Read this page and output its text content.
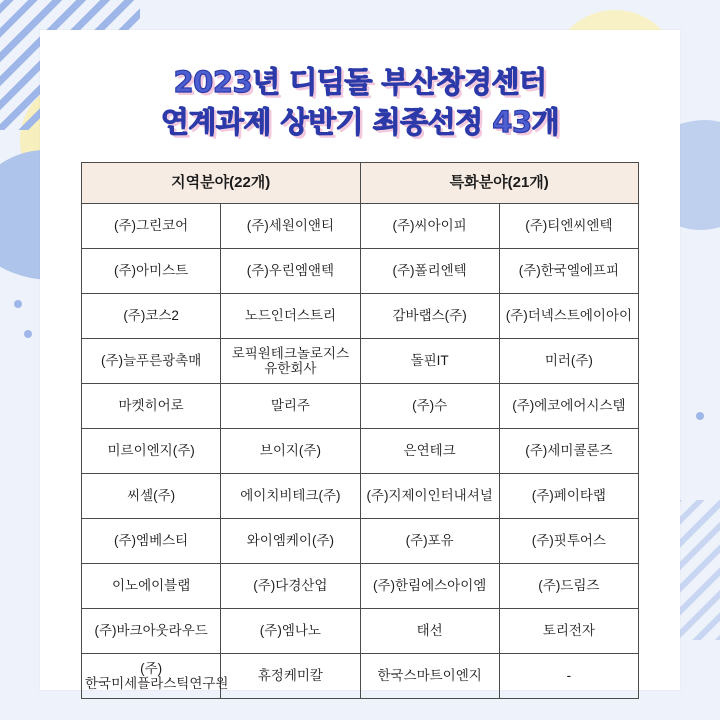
2023년 디딤돌 부산창경센터
연계과제 상반기 최종선정 43개
지역분야(22개)		특화분야(21개)	
(주)그린코어	(주)세원이앤티	(주)씨아이피	(주)티엔씨엔텍
(주)아미스트	(주)우린엠앤텍	(주)폴리엔텍	(주)한국엘에프피
(주)코스2	노드인더스트리	감바랩스(주)	(주)더넥스트에이아이
(주)늘푸른광촉매	로픽원테크놀로지스 유한회사	돌핀IT	미러(주)
마켓히어로	말리주	(주)수	(주)에코에어시스템
미르이엔지(주)	브이지(주)	은연테크	(주)세미콜론즈
씨셀(주)	에이치비테크(주)	(주)지제이인터내셔널	(주)페이타랩
(주)엠베스티	와이엠케이(주)	(주)포유	(주)핏투어스
이노에이블랩	(주)다경산업	(주)한림에스아이엠	(주)드림즈
(주)바크아웃라우드	(주)엠나노	태선	토리전자
(주)한국미세플라스틱연구원	휴정케미칼	한국스마트이엔지	-
